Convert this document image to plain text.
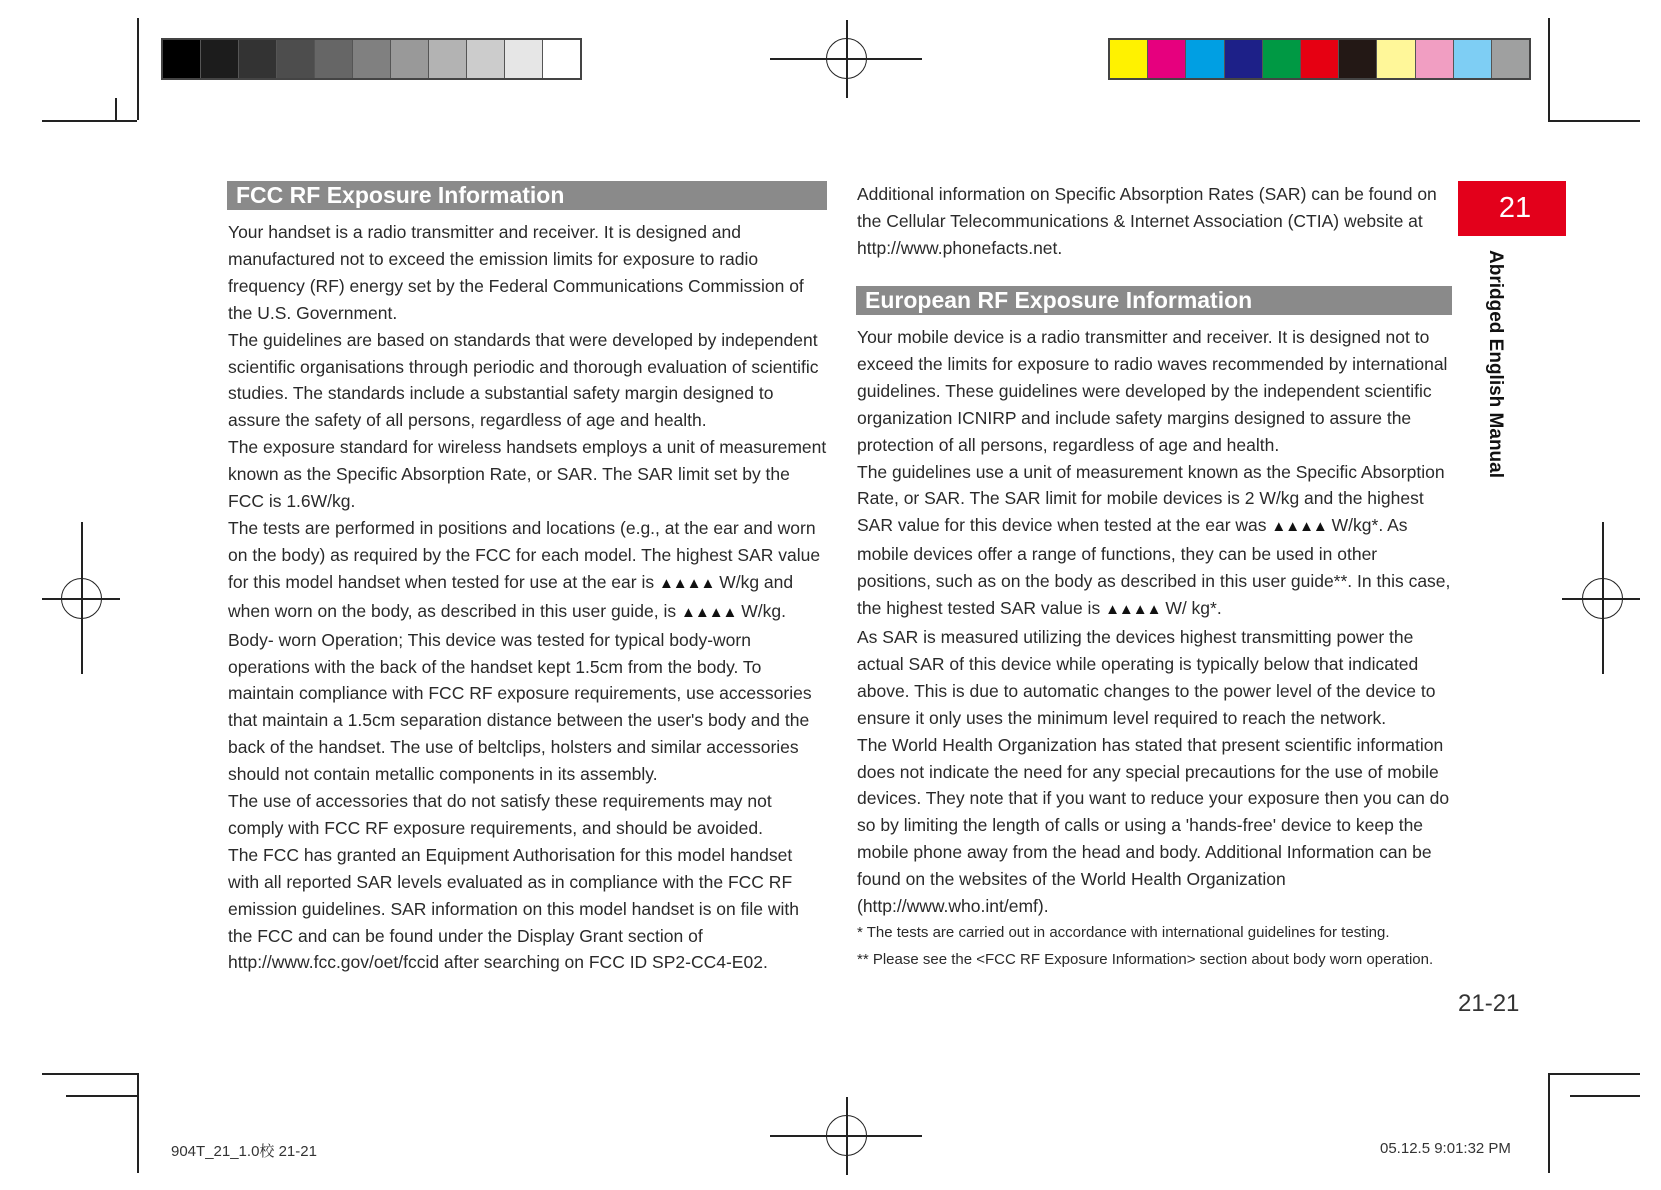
FCC RF Exposure Information

Your handset is a radio transmitter and receiver. It is designed and manufactured not to exceed the emission limits for exposure to radio frequency (RF) energy set by the Federal Communications Commission of the U.S. Government.

The guidelines are based on standards that were developed by independent scientific organisations through periodic and thorough evaluation of scientific studies. The standards include a substantial safety margin designed to assure the safety of all persons, regardless of age and health.

The exposure standard for wireless handsets employs a unit of measurement known as the Specific Absorption Rate, or SAR. The SAR limit set by the FCC is 1.6W/kg.

The tests are performed in positions and locations (e.g., at the ear and worn on the body) as required by the FCC for each model. The highest SAR value for this model handset when tested for use at the ear is ▲▲▲▲ W/kg and when worn on the body, as described in this user guide, is ▲▲▲▲ W/kg.

Body- worn Operation; This device was tested for typical body-worn operations with the back of the handset kept 1.5cm from the body. To maintain compliance with FCC RF exposure requirements, use accessories that maintain a 1.5cm separation distance between the user's body and the back of the handset. The use of beltclips, holsters and similar accessories should not contain metallic components in its assembly.

The use of accessories that do not satisfy these requirements may not comply with FCC RF exposure requirements, and should be avoided.

The FCC has granted an Equipment Authorisation for this model handset with all reported SAR levels evaluated as in compliance with the FCC RF emission guidelines. SAR information on this model handset is on file with the FCC and can be found under the Display Grant section of http://www.fcc.gov/oet/fccid after searching on FCC ID SP2-CC4-E02.

Additional information on Specific Absorption Rates (SAR) can be found on the Cellular Telecommunications & Internet Association (CTIA) website at http://www.phonefacts.net.

European RF Exposure Information

Your mobile device is a radio transmitter and receiver. It is designed not to exceed the limits for exposure to radio waves recommended by international guidelines. These guidelines were developed by the independent scientific organization ICNIRP and include safety margins designed to assure the protection of all persons, regardless of age and health.

The guidelines use a unit of measurement known as the Specific Absorption Rate, or SAR. The SAR limit for mobile devices is 2 W/kg and the highest SAR value for this device when tested at the ear was ▲▲▲▲ W/kg*. As mobile devices offer a range of functions, they can be used in other positions, such as on the body as described in this user guide**. In this case, the highest tested SAR value is ▲▲▲▲ W/ kg*.

As SAR is measured utilizing the devices highest transmitting power the actual SAR of this device while operating is typically below that indicated above. This is due to automatic changes to the power level of the device to ensure it only uses the minimum level required to reach the network.

The World Health Organization has stated that present scientific information does not indicate the need for any special precautions for the use of mobile devices. They note that if you want to reduce your exposure then you can do so by limiting the length of calls or using a 'hands-free' device to keep the mobile phone away from the head and body. Additional Information can be found on the websites of the World Health Organization (http://www.who.int/emf).

* The tests are carried out in accordance with international guidelines for testing.

** Please see the <FCC RF Exposure Information> section about body worn operation.

21
Abridged English Manual
21-21
904T_21_1.0校 21-21	05.12.5 9:01:32 PM
